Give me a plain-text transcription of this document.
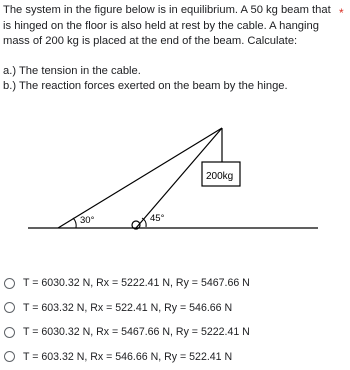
The system in the figure below is in equilibrium. A 50 kg beam that is hinged on the floor is also held at rest by the cable. A hanging mass of 200 kg is placed at the end of the beam. Calculate:

a.) The tension in the cable.

b.) The reaction forces exerted on the beam by the hinge.

*
200kg
30°	45°
T = 6030.32 N, Rx = 5222.41 N, Ry = 5467.66 N
T = 603.32 N, Rx = 522.41 N, Ry = 546.66 N
T = 6030.32 N, Rx = 5467.66 N, Ry = 5222.41 N
T = 603.32 N, Rx = 546.66 N, Ry = 522.41 N
